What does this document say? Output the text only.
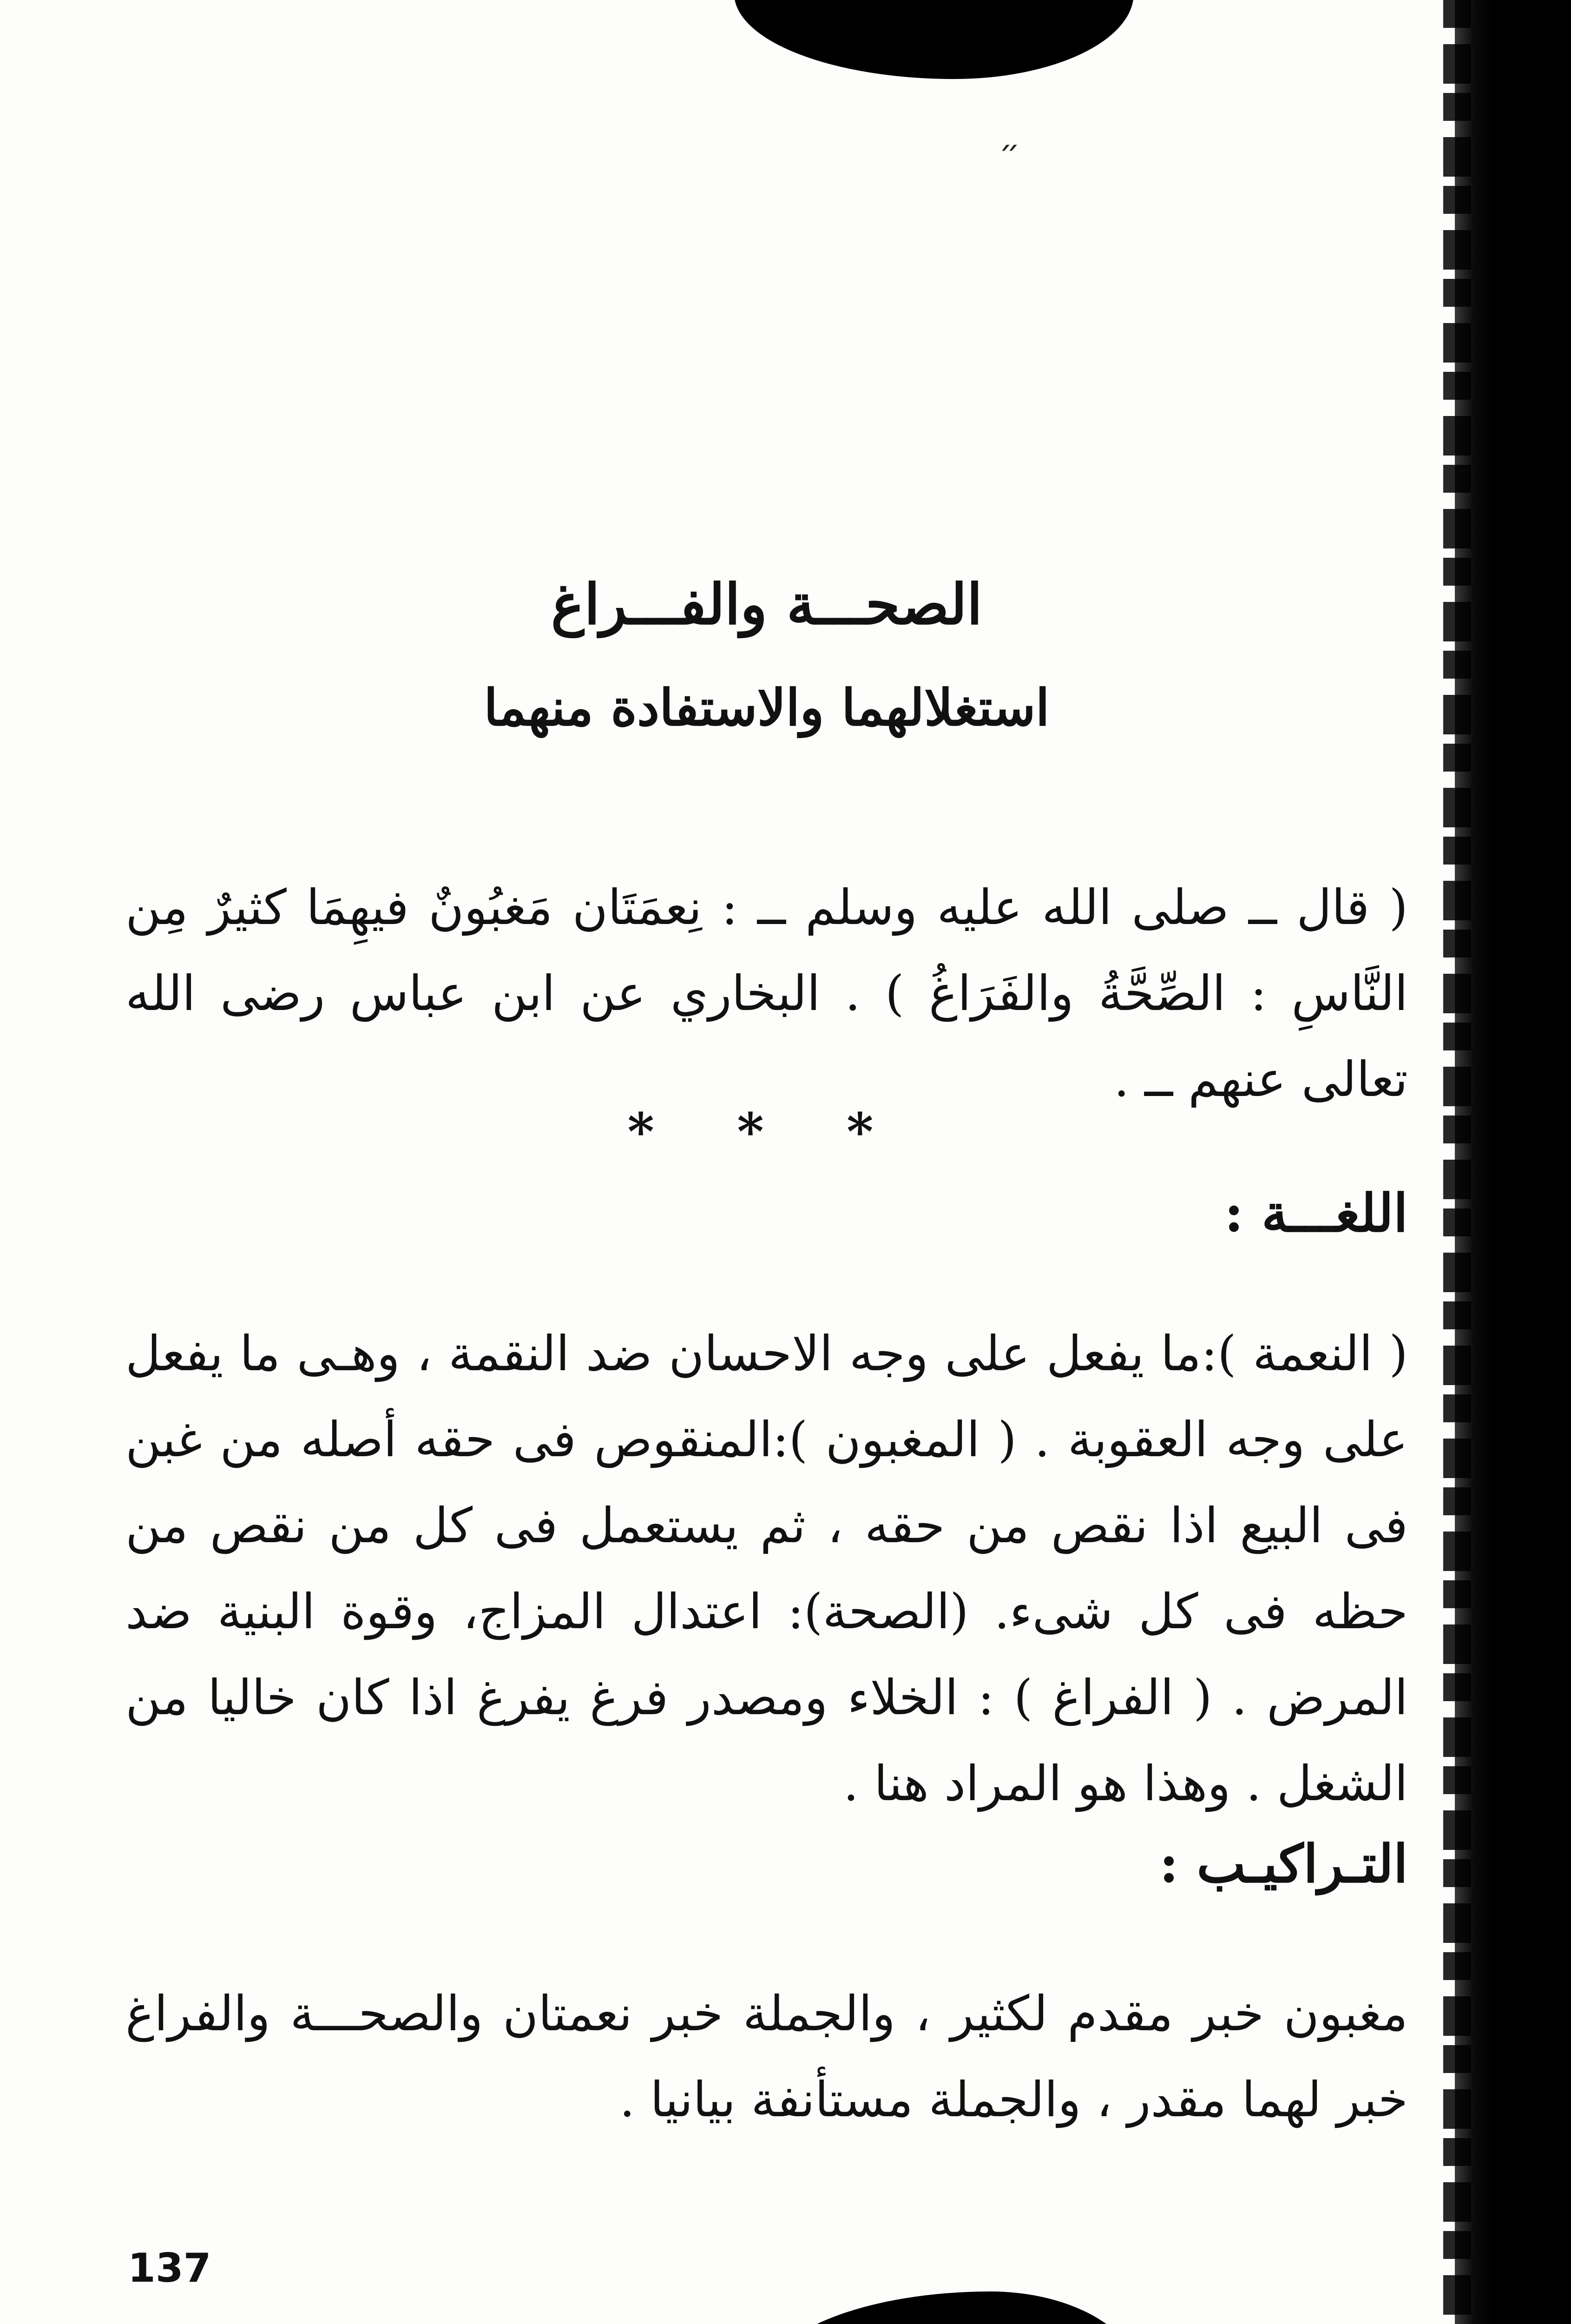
״
الصحـــة والفـــراغ
استغلالهما والاستفادة منهما
( قال ــ صلى الله عليه وسلم ــ : نِعمَتَان مَغبُونٌ فيهِمَا كثيرٌ مِن النَّاسِ : الصِّحَّةُ والفَرَاغُ ) . البخاري عن ابن عباس رضى الله تعالى عنهم ــ .
* * *
اللغـــة :
( النعمة ):ما يفعل على وجه الاحسان ضد النقمة ، وهـى ما يفعل على وجه العقوبة . ( المغبون ):المنقوص فى حقه أصله من غبن فى البيع اذا نقص من حقه ، ثم يستعمل فى كل من نقص من حظه فى كل شىء. (الصحة): اعتدال المزاج، وقوة البنية ضد المرض . ( الفراغ ) : الخلاء ومصدر فرغ يفرغ اذا كان خاليا من الشغل . وهذا هو المراد هنا .
التـراكيـب :
مغبون خبر مقدم لكثير ، والجملة خبر نعمتان والصحـــة والفراغ خبر لهما مقدر ، والجملة مستأنفة بيانيا .
137
